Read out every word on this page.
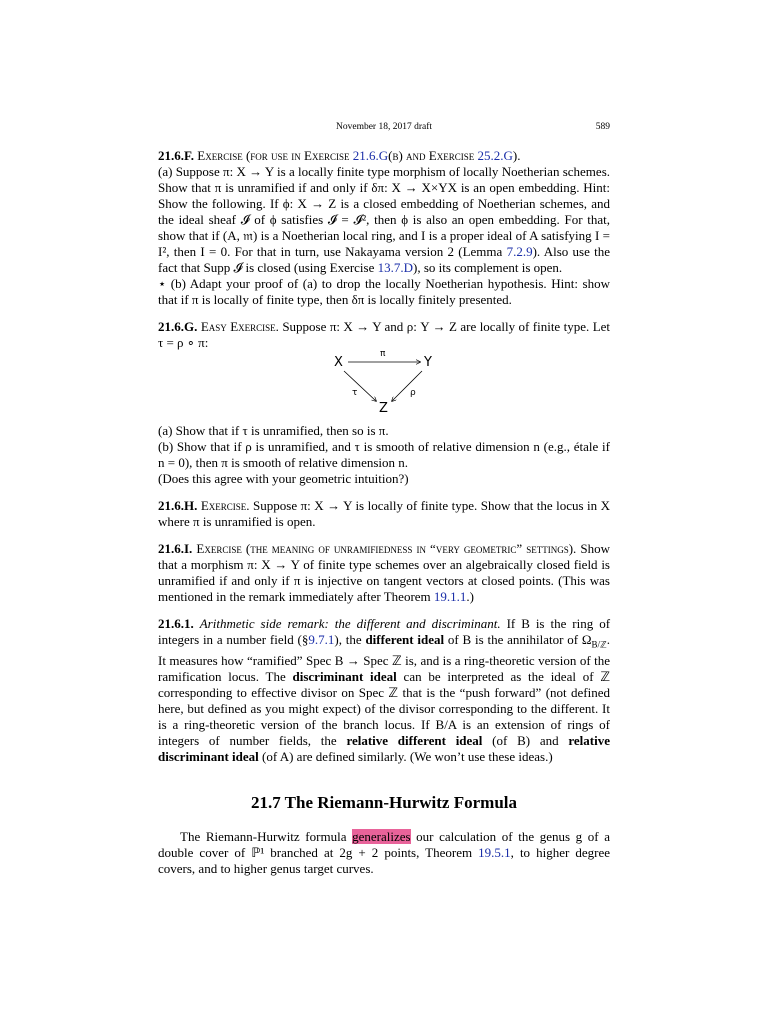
November 18, 2017 draft	589
21.6.F. Exercise (for use in Exercise 21.6.G(b) and Exercise 25.2.G).
(a) Suppose π: X → Y is a locally finite type morphism of locally Noetherian schemes. Show that π is unramified if and only if δπ: X → X×YX is an open embedding. Hint: Show the following. If ϕ: X → Z is a closed embedding of Noetherian schemes, and the ideal sheaf 𝓘 of ϕ satisfies 𝓘 = 𝓘², then ϕ is also an open embedding. For that, show that if (A, 𝔪) is a Noetherian local ring, and I is a proper ideal of A satisfying I = I², then I = 0. For that in turn, use Nakayama version 2 (Lemma 7.2.9). Also use the fact that Supp 𝓘 is closed (using Exercise 13.7.D), so its complement is open.
⋆ (b) Adapt your proof of (a) to drop the locally Noetherian hypothesis. Hint: show that if π is locally of finite type, then δπ is locally finitely presented.
21.6.G. Easy Exercise. Suppose π: X → Y and ρ: Y → Z are locally of finite type. Let τ = ρ ∘ π:
X	Y
π
τ	ρ
Z
(a) Show that if τ is unramified, then so is π.
(b) Show that if ρ is unramified, and τ is smooth of relative dimension n (e.g., étale if n = 0), then π is smooth of relative dimension n.
(Does this agree with your geometric intuition?)
21.6.H. Exercise. Suppose π: X → Y is locally of finite type. Show that the locus in X where π is unramified is open.
21.6.I. Exercise (the meaning of unramifiedness in “very geometric” settings). Show that a morphism π: X → Y of finite type schemes over an algebraically closed field is unramified if and only if π is injective on tangent vectors at closed points. (This was mentioned in the remark immediately after Theorem 19.1.1.)
21.6.1. Arithmetic side remark: the different and discriminant. If B is the ring of integers in a number field (§9.7.1), the different ideal of B is the annihilator of $\Omega_{B/ℤ}$. It measures how “ramified” Spec B → Spec ℤ is, and is a ring-theoretic version of the ramification locus. The discriminant ideal can be interpreted as the ideal of ℤ corresponding to effective divisor on Spec ℤ that is the “push forward” (not defined here, but defined as you might expect) of the divisor corresponding to the different. It is a ring-theoretic version of the branch locus. If B/A is an extension of rings of integers of number fields, the relative different ideal (of B) and relative discriminant ideal (of A) are defined similarly. (We won’t use these ideas.)
21.7 The Riemann-Hurwitz Formula
The Riemann-Hurwitz formula generalizes our calculation of the genus g of a double cover of ℙ¹ branched at 2g + 2 points, Theorem 19.5.1, to higher degree covers, and to higher genus target curves.
